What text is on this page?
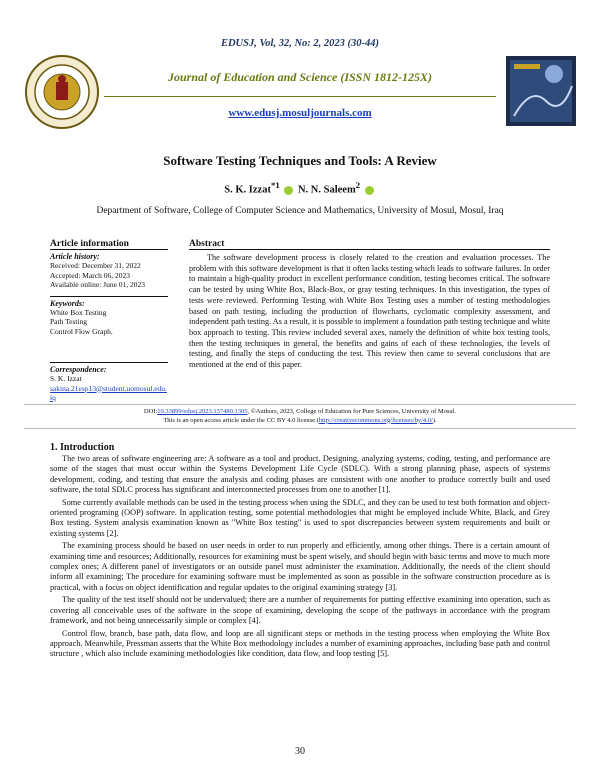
EDUSJ, Vol, 32, No: 2, 2023 (30-44)
Journal of Education and Science (ISSN 1812-125X)
www.edusj.mosuljournals.com
Software Testing Techniques and Tools: A Review
S. K. Izzat$^{*1}$ N. N. Saleem$^2$
Department of Software, College of Computer Science and Mathematics, University of Mosul, Mosul, Iraq
Article information
Article history:
Received: December 31, 2022
Accepted: March 06, 2023
Available online: June 01, 2023
Keywords:
White Box Testing
Path Testing
Control Flow Graph.
Correspondence:
S. K. Izzat
sakina.21esp13@student.uomosul.edu.iq
Abstract
The software development process is closely related to the creation and evaluation processes. The problem with this software development is that it often lacks testing which leads to software failures. In order to maintain a high-quality product in excellent performance condition, testing becomes critical. The software can be tested by using White Box, Black-Box, or gray testing techniques. In this investigation, the types of tests were reviewed. Performing Testing with White Box Testing uses a number of testing methodologies based on path testing, including the production of flowcharts, cyclomatic complexity assessment, and independent path testing. As a result, it is possible to implement a foundation path testing technique and white box approach to testing. This review included several axes, namely the definition of white box testing tools, then the testing techniques in general, the benefits and gains of each of these technologies, the levels of testing, and finally the steps of conducting the test. This review then came to several conclusions that are mentioned at the end of this paper.
DOI:10.33899/edusj.2023.137480.1305, ©Authors, 2023, College of Education for Pure Sciences, University of Mosul.
This is an open access article under the CC BY 4.0 license (http://creativecommons.org/licenses/by/4.0/).
1. Introduction

The two areas of software engineering are: A software as a tool and product. Designing, analyzing systems, coding, testing, and performance are some of the stages that must occur within the Systems Development Life Cycle (SDLC). With a strong planning phase, aspects of systems development, coding, and testing that ensure the analysis and coding phases are consistent with one another to produce correctly built and used software, the total SDLC process has significant and interconnected processes from one to another [1].

Some currently available methods can be used in the testing process when using the SDLC, and they can be used to test both formation and object-oriented programing (OOP) software. In application testing, some potential methodologies that might be employed include White, Black, and Grey Box testing. System analysis examination known as "White Box testing" is used to spot discrepancies between system requirements and built or existing systems [2].

The examining process should be based on user needs in order to run properly and efficiently, among other things. There is a certain amount of examining time and resources; Additionally, resources for examining must be spent wisely, and should begin with basic terms and move to much more complex ones; A different panel of investigators or an outside panel must administer the examination. Additionally, the needs of the client should inform all examining; The procedure for examining software must be implemented as soon as possible in the software construction procedure as is practical, with a focus on object identification and regular updates to the original examining strategy [3].

The quality of the test itself should not be undervalued; there are a number of requirements for putting effective examining into operation, such as covering all conceivable uses of the software in the scope of examining, developing the scope of the pathways in accordance with the program framework, and not being unnecessarily simple or complex [4].

Control flow, branch, base path, data flow, and loop are all significant steps or methods in the testing process when employing the White Box approach. Meanwhile, Pressman asserts that the White Box methodology includes a number of examining approaches, including base path and control structure , which also include examining methodologies like condition, data flow, and loop testing [5].

30
